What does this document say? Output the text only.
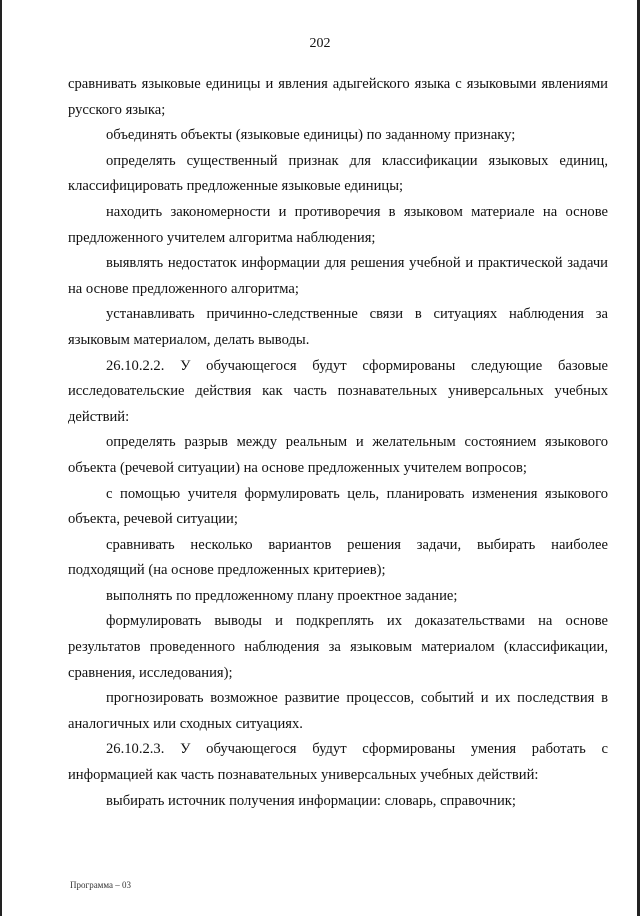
202

сравнивать языковые единицы и явления адыгейского языка с языковыми явлениями русского языка;

объединять объекты (языковые единицы) по заданному признаку;

определять существенный признак для классификации языковых единиц, классифицировать предложенные языковые единицы;

находить закономерности и противоречия в языковом материале на основе предложенного учителем алгоритма наблюдения;

выявлять недостаток информации для решения учебной и практической задачи на основе предложенного алгоритма;

устанавливать причинно-следственные связи в ситуациях наблюдения за языковым материалом, делать выводы.

26.10.2.2. У обучающегося будут сформированы следующие базовые исследовательские действия как часть познавательных универсальных учебных действий:

определять разрыв между реальным и желательным состоянием языкового объекта (речевой ситуации) на основе предложенных учителем вопросов;

с помощью учителя формулировать цель, планировать изменения языкового объекта, речевой ситуации;

сравнивать несколько вариантов решения задачи, выбирать наиболее подходящий (на основе предложенных критериев);

выполнять по предложенному плану проектное задание;

формулировать выводы и подкреплять их доказательствами на основе результатов проведенного наблюдения за языковым материалом (классификации, сравнения, исследования);

прогнозировать возможное развитие процессов, событий и их последствия в аналогичных или сходных ситуациях.

26.10.2.3. У обучающегося будут сформированы умения работать с информацией как часть познавательных универсальных учебных действий:

выбирать источник получения информации: словарь, справочник;

Программа – 03
